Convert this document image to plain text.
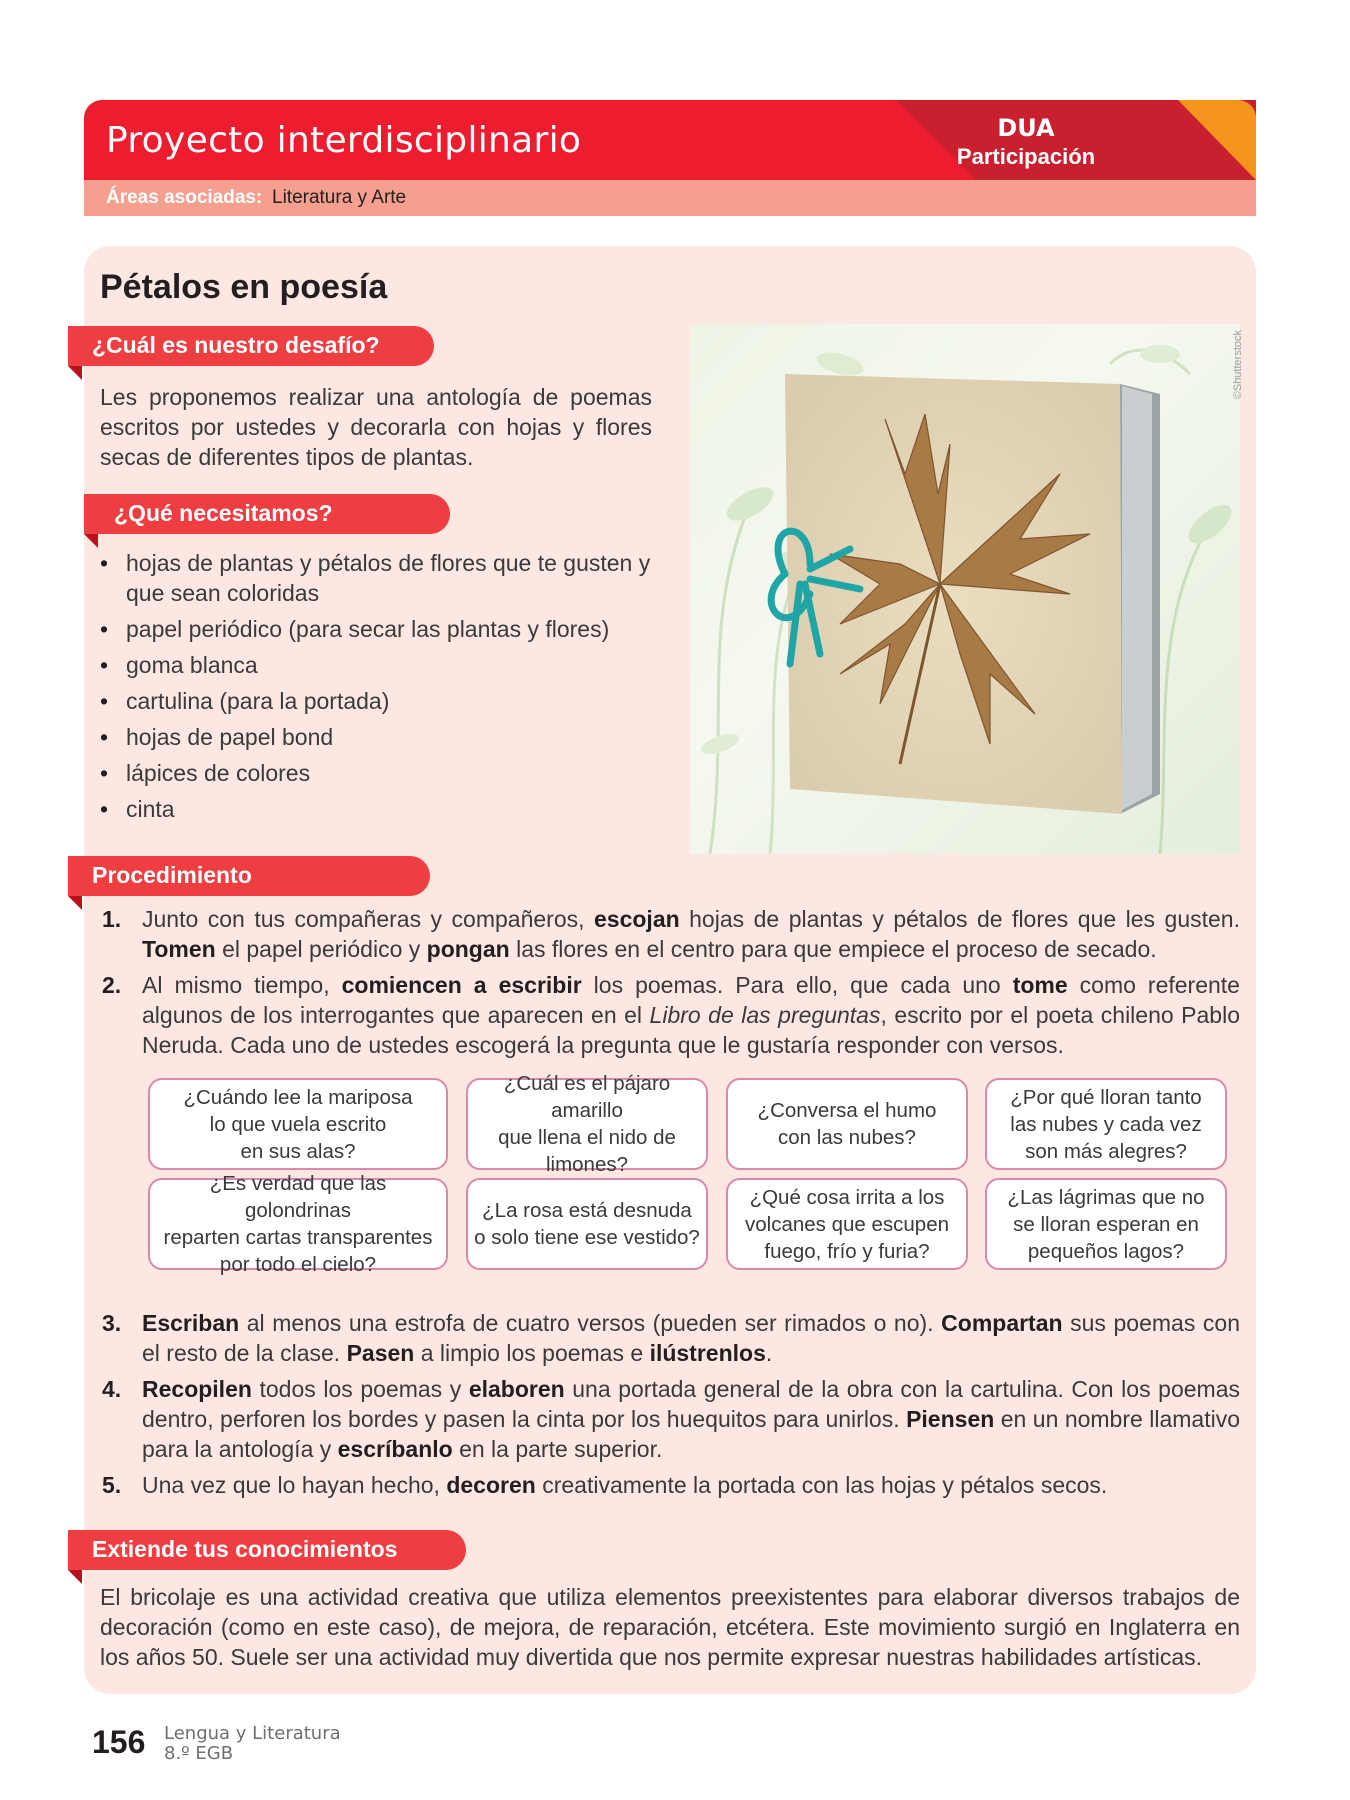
Proyecto interdisciplinario	DUA
Participación
Áreas asociadas: Literatura y Arte
Pétalos en poesía
¿Cuál es nuestro desafío?
Les proponemos realizar una antología de poemas escritos por ustedes y decorarla con hojas y flores secas de diferentes tipos de plantas.
¿Qué necesitamos?
• hojas de plantas y pétalos de flores que te gusten y que sean coloridas
• papel periódico (para secar las plantas y flores)
• goma blanca
• cartulina (para la portada)
• hojas de papel bond
• lápices de colores
• cinta
©Shutterstock
Procedimiento
1. Junto con tus compañeras y compañeros, escojan hojas de plantas y pétalos de flores que les gusten. Tomen el papel periódico y pongan las flores en el centro para que empiece el proceso de secado.
2. Al mismo tiempo, comiencen a escribir los poemas. Para ello, que cada uno tome como referente algunos de los interrogantes que aparecen en el Libro de las preguntas, escrito por el poeta chileno Pablo Neruda. Cada uno de ustedes escogerá la pregunta que le gustaría responder con versos.
¿Cuándo lee la mariposa
lo que vuela escrito
en sus alas?
¿Cuál es el pájaro amarillo
que llena el nido de
limones?
¿Conversa el humo
con las nubes?
¿Por qué lloran tanto
las nubes y cada vez
son más alegres?
¿Es verdad que las golondrinas
reparten cartas transparentes
por todo el cielo?
¿La rosa está desnuda
o solo tiene ese vestido?
¿Qué cosa irrita a los
volcanes que escupen
fuego, frío y furia?
¿Las lágrimas que no
se lloran esperan en
pequeños lagos?
3. Escriban al menos una estrofa de cuatro versos (pueden ser rimados o no). Compartan sus poemas con el resto de la clase. Pasen a limpio los poemas e ilústrenlos.
4. Recopilen todos los poemas y elaboren una portada general de la obra con la cartulina. Con los poemas dentro, perforen los bordes y pasen la cinta por los huequitos para unirlos. Piensen en un nombre llamativo para la antología y escríbanlo en la parte superior.
5. Una vez que lo hayan hecho, decoren creativamente la portada con las hojas y pétalos secos.
Extiende tus conocimientos
El bricolaje es una actividad creativa que utiliza elementos preexistentes para elaborar diversos trabajos de decoración (como en este caso), de mejora, de reparación, etcétera. Este movimiento surgió en Inglaterra en los años 50. Suele ser una actividad muy divertida que nos permite expresar nuestras habilidades artísticas.
156 Lengua y Literatura
8.º EGB
